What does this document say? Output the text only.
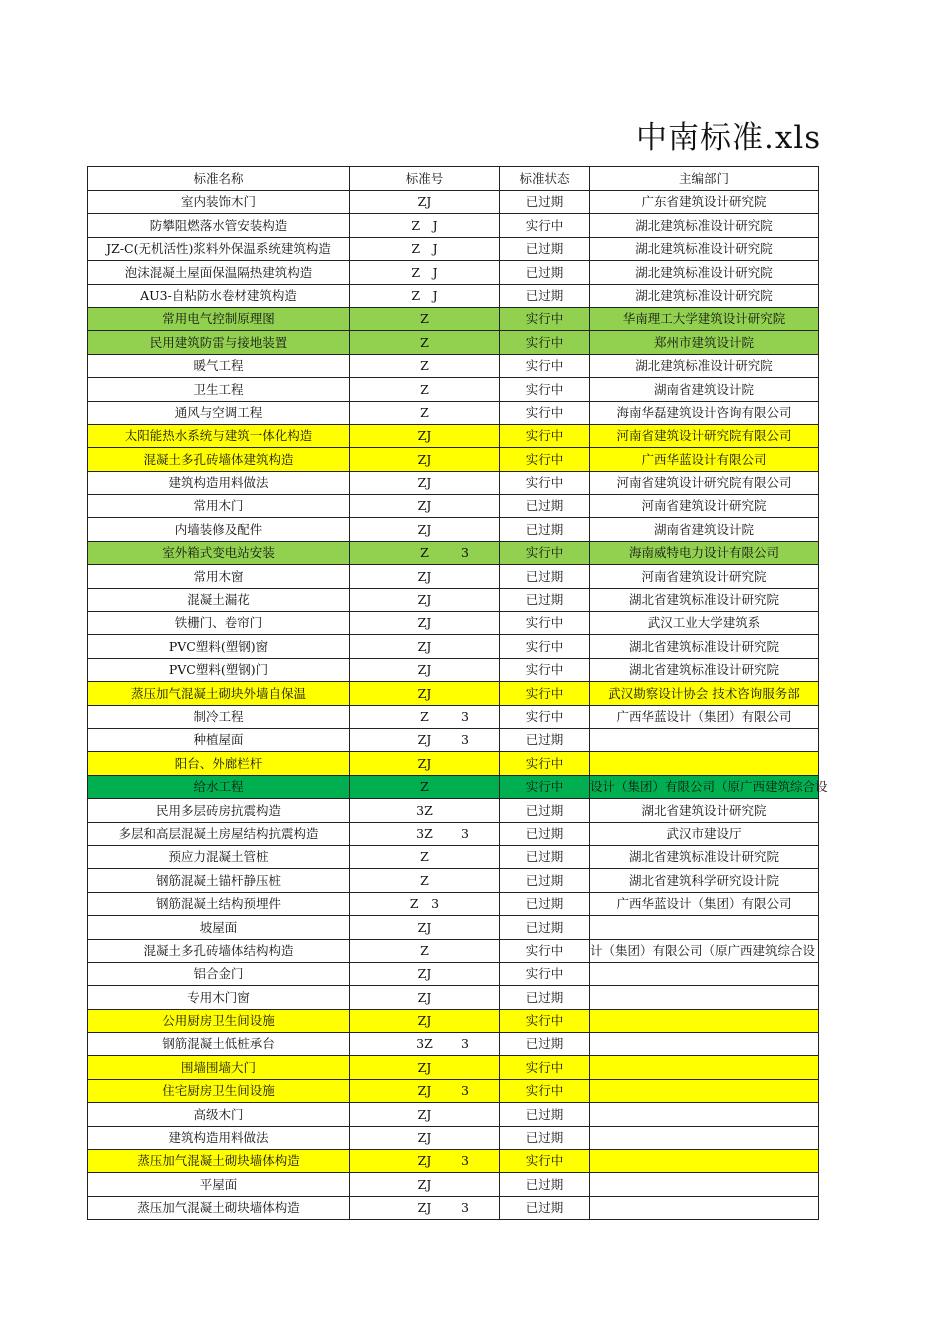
中南标准.xls
标准名称	标准号	标准状态	主编部门
室内装饰木门	ZJ	已过期	广东省建筑设计研究院
防攀阻燃落水管安装构造	Z　J	实行中	湖北建筑标准设计研究院
JZ-C(无机活性)浆料外保温系统建筑构造	Z　J	已过期	湖北建筑标准设计研究院
泡沫混凝土屋面保温隔热建筑构造	Z　J	已过期	湖北建筑标准设计研究院
AU3-自粘防水卷材建筑构造	Z　J	已过期	湖北建筑标准设计研究院
常用电气控制原理图	Z	实行中	华南理工大学建筑设计研究院
民用建筑防雷与接地装置	Z	实行中	郑州市建筑设计院
暖气工程	Z	实行中	湖北建筑标准设计研究院
卫生工程	Z	实行中	湖南省建筑设计院
通风与空调工程	Z	实行中	海南华磊建筑设计咨询有限公司
太阳能热水系统与建筑一体化构造	ZJ	实行中	河南省建筑设计研究院有限公司
混凝土多孔砖墙体建筑构造	ZJ	实行中	广西华蓝设计有限公司
建筑构造用料做法	ZJ	实行中	河南省建筑设计研究院有限公司
常用木门	ZJ	已过期	河南省建筑设计研究院
内墙装修及配件	ZJ	已过期	湖南省建筑设计院
室外箱式变电站安装	Z 3	实行中	海南威特电力设计有限公司
常用木窗	ZJ	已过期	河南省建筑设计研究院
混凝土漏花	ZJ	已过期	湖北省建筑标准设计研究院
铁栅门、卷帘门	ZJ	实行中	武汉工业大学建筑系
PVC塑料(塑钢)窗	ZJ	实行中	湖北省建筑标准设计研究院
PVC塑料(塑钢)门	ZJ	实行中	湖北省建筑标准设计研究院
蒸压加气混凝土砌块外墙自保温	ZJ	实行中	武汉勘察设计协会 技术咨询服务部
制冷工程	Z 3	实行中	广西华蓝设计（集团）有限公司
种植屋面	ZJ 3	已过期	
阳台、外廊栏杆	ZJ	实行中	
给水工程	Z	实行中	设计（集团）有限公司（原广西建筑综合设
民用多层砖房抗震构造	3Z	已过期	湖北省建筑设计研究院
多层和高层混凝土房屋结构抗震构造	3Z 3	已过期	武汉市建设厅
预应力混凝土管桩	Z	已过期	湖北省建筑标准设计研究院
钢筋混凝土锚杆静压桩	Z	已过期	湖北省建筑科学研究设计院
钢筋混凝土结构预埋件	Z　3	已过期	广西华蓝设计（集团）有限公司
坡屋面	ZJ	已过期	
混凝土多孔砖墙体结构构造	Z	实行中	计（集团）有限公司（原广西建筑综合设
铝合金门	ZJ	实行中	
专用木门窗	ZJ	已过期	
公用厨房卫生间设施	ZJ	实行中	
钢筋混凝土低桩承台	3Z 3	已过期	
围墙围墙大门	ZJ	实行中	
住宅厨房卫生间设施	ZJ 3	实行中	
高级木门	ZJ	已过期	
建筑构造用料做法	ZJ	已过期	
蒸压加气混凝土砌块墙体构造	ZJ 3	实行中	
平屋面	ZJ	已过期	
蒸压加气混凝土砌块墙体构造	ZJ 3	已过期	
